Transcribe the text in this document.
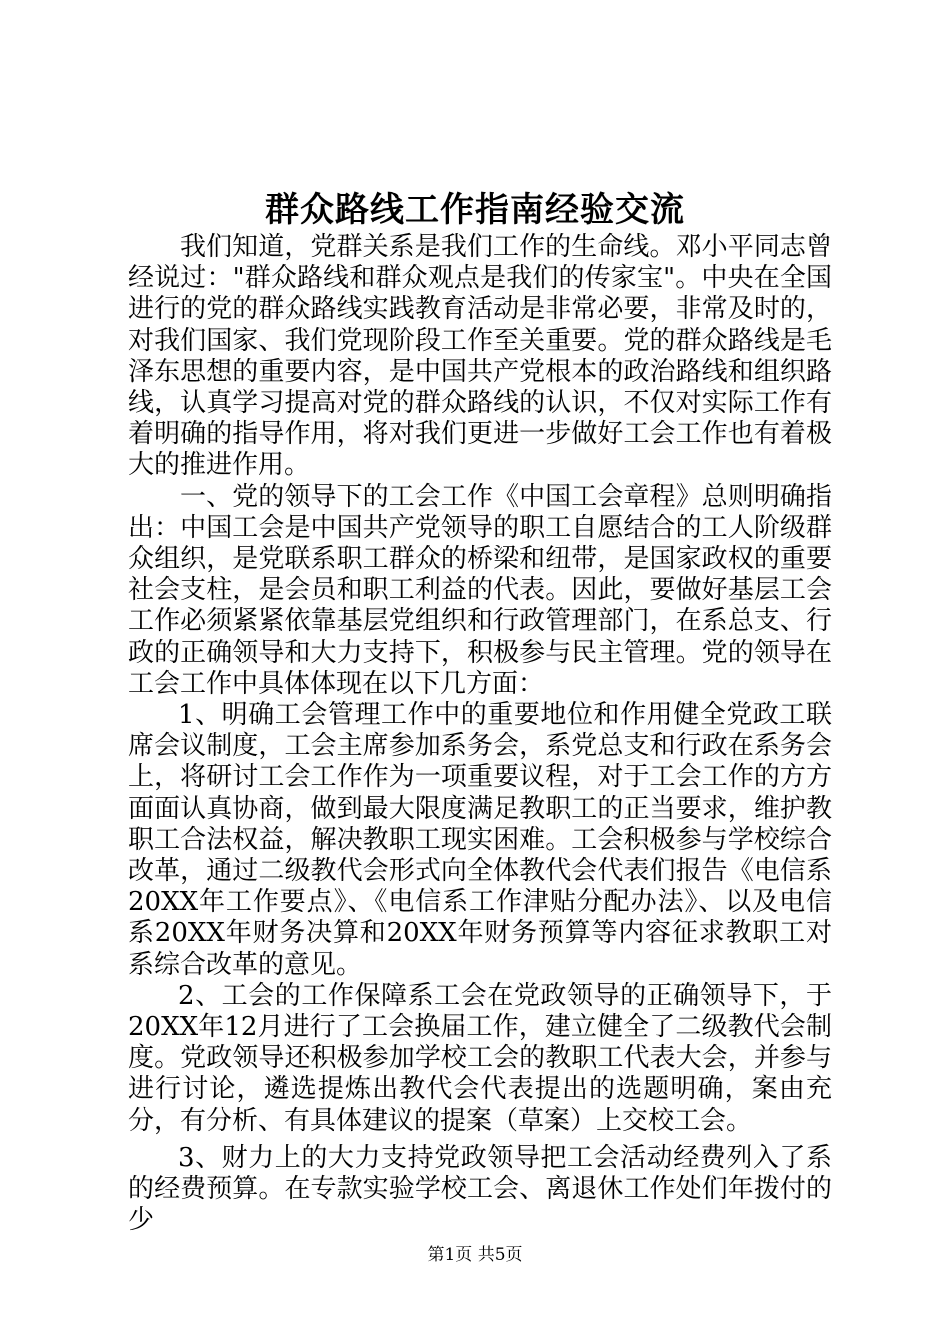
群众路线工作指南经验交流

我们知道，党群关系是我们工作的生命线。邓小平同志曾经说过："群众路线和群众观点是我们的传家宝"。中央在全国进行的党的群众路线实践教育活动是非常必要，非常及时的，对我们国家、我们党现阶段工作至关重要。党的群众路线是毛泽东思想的重要内容，是中国共产党根本的政治路线和组织路线，认真学习提高对党的群众路线的认识，不仅对实际工作有着明确的指导作用，将对我们更进一步做好工会工作也有着极大的推进作用。

一、党的领导下的工会工作《中国工会章程》总则明确指出：中国工会是中国共产党领导的职工自愿结合的工人阶级群众组织，是党联系职工群众的桥梁和纽带，是国家政权的重要社会支柱，是会员和职工利益的代表。因此，要做好基层工会工作必须紧紧依靠基层党组织和行政管理部门，在系总支、行政的正确领导和大力支持下，积极参与民主管理。党的领导在工会工作中具体体现在以下几方面：

1、明确工会管理工作中的重要地位和作用健全党政工联席会议制度，工会主席参加系务会，系党总支和行政在系务会上，将研讨工会工作作为一项重要议程，对于工会工作的方方面面认真协商，做到最大限度满足教职工的正当要求，维护教职工合法权益，解决教职工现实困难。工会积极参与学校综合改革，通过二级教代会形式向全体教代会代表们报告《电信系20XX年工作要点》、《电信系工作津贴分配办法》、以及电信系20XX年财务决算和20XX年财务预算等内容征求教职工对系综合改革的意见。

2、工会的工作保障系工会在党政领导的正确领导下，于20XX年12月进行了工会换届工作，建立健全了二级教代会制度。党政领导还积极参加学校工会的教职工代表大会，并参与进行讨论，遴选提炼出教代会代表提出的选题明确，案由充分，有分析、有具体建议的提案（草案）上交校工会。

3、财力上的大力支持党政领导把工会活动经费列入了系的经费预算。在专款实验学校工会、离退休工作处们年拨付的少

第1页 共5页
